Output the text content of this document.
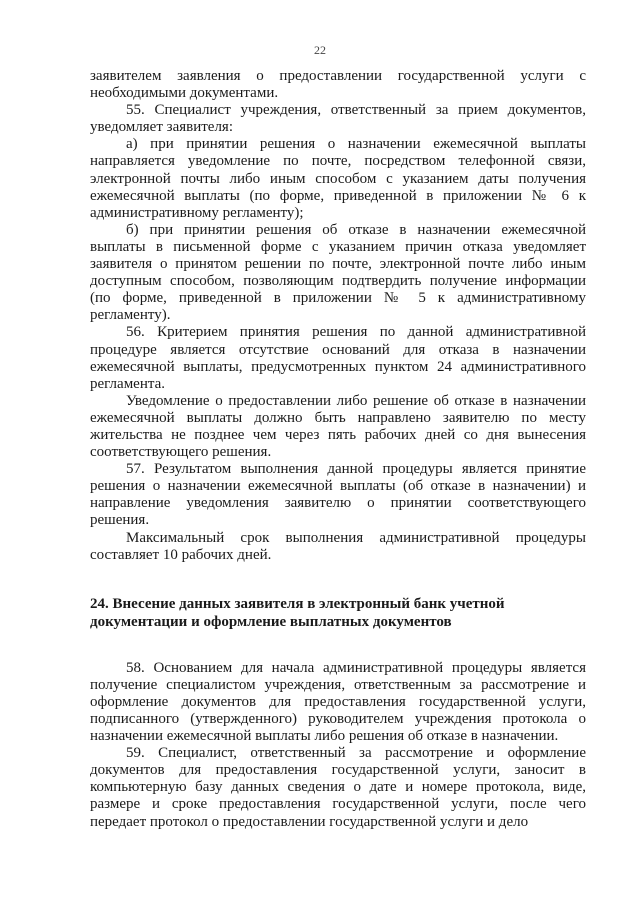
22

заявителем заявления о предоставлении государственной услуги с необходимыми документами.

55. Специалист учреждения, ответственный за прием документов, уведомляет заявителя:

а) при принятии решения о назначении ежемесячной выплаты направляется уведомление по почте, посредством телефонной связи, электронной почты либо иным способом с указанием даты получения ежемесячной выплаты (по форме, приведенной в приложении № 6 к административному регламенту);

б) при принятии решения об отказе в назначении ежемесячной выплаты в письменной форме с указанием причин отказа уведомляет заявителя о принятом решении по почте, электронной почте либо иным доступным способом, позволяющим подтвердить получение информации (по форме, приведенной в приложении № 5 к административному регламенту).

56. Критерием принятия решения по данной административной процедуре является отсутствие оснований для отказа в назначении ежемесячной выплаты, предусмотренных пунктом 24 административного регламента.

Уведомление о предоставлении либо решение об отказе в назначении ежемесячной выплаты должно быть направлено заявителю по месту жительства не позднее чем через пять рабочих дней со дня вынесения соответствующего решения.

57. Результатом выполнения данной процедуры является принятие решения о назначении ежемесячной выплаты (об отказе в назначении) и направление уведомления заявителю о принятии соответствующего решения.

Максимальный срок выполнения административной процедуры составляет 10 рабочих дней.

24. Внесение данных заявителя в электронный банк учетной
документации и оформление выплатных документов

58. Основанием для начала административной процедуры является получение специалистом учреждения, ответственным за рассмотрение и оформление документов для предоставления государственной услуги, подписанного (утвержденного) руководителем учреждения протокола о назначении ежемесячной выплаты либо решения об отказе в назначении.

59. Специалист, ответственный за рассмотрение и оформление документов для предоставления государственной услуги, заносит в компьютерную базу данных сведения о дате и номере протокола, виде, размере и сроке предоставления государственной услуги, после чего передает протокол о предоставлении государственной услуги и дело
